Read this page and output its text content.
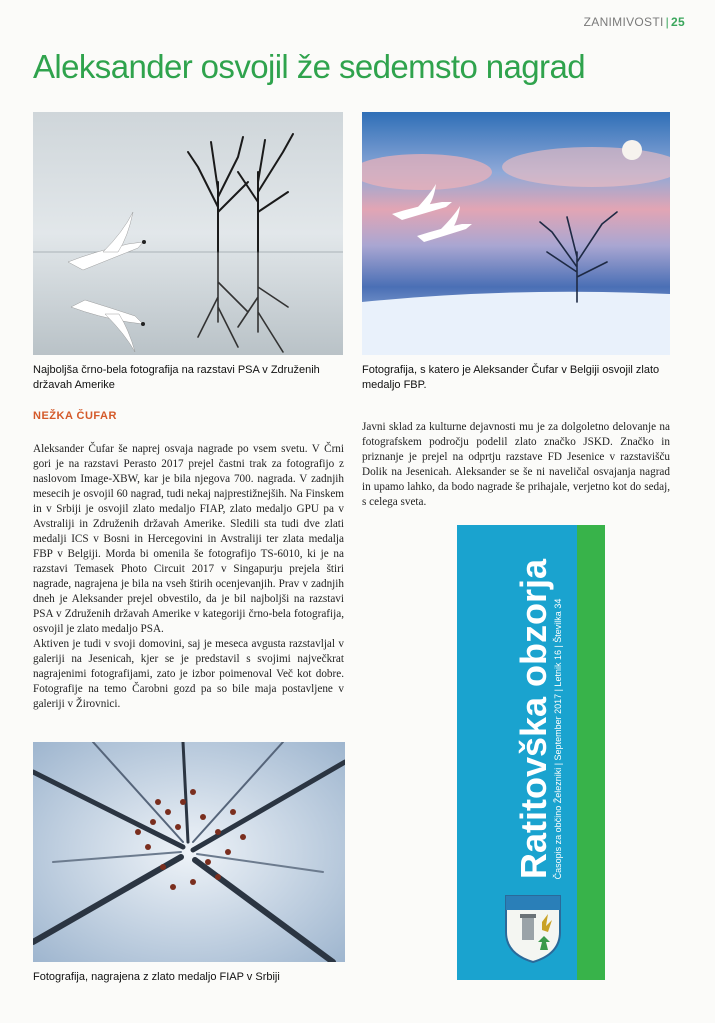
ZANIMIVOSTI | 25
Aleksander osvojil že sedemsto nagrad
Najboljša črno-bela fotografija na razstavi PSA v Združenih državah Amerike
Fotografija, s katero je Aleksander Čufar v Belgiji osvojil zlato medaljo FBP.
NEŽKA ČUFAR

Aleksander Čufar še naprej osvaja nagrade po vsem svetu. V Črni gori je na razstavi Perasto 2017 prejel častni trak za fotografijo z naslovom Image-XBW, kar je bila njegova 700. nagrada. V zadnjih mesecih je osvojil 60 nagrad, tudi nekaj najprestižnejših. Na Finskem in v Srbiji je osvojil zlato medaljo FIAP, zlato medaljo GPU pa v Avstraliji in Združenih državah Amerike. Sledili sta tudi dve zlati medalji ICS v Bosni in Hercegovini in Avstraliji ter zlata medalja FBP v Belgiji. Morda bi omenila še fotografijo TS-6010, ki je na razstavi Temasek Photo Circuit 2017 v Singapurju prejela štiri nagrade, nagrajena je bila na vseh štirih ocenjevanjih. Prav v zadnjih dneh je Aleksander prejel obvestilo, da je bil najboljši na razstavi PSA v Združenih državah Amerike v kategoriji črno-bela fotografija, osvojil je zlato medaljo PSA.

Aktiven je tudi v svoji domovini, saj je meseca avgusta razstavljal v galeriji na Jesenicah, kjer se je predstavil s svojimi največkrat nagrajenimi fotografijami, zato je izbor poimenoval Več kot dobre. Fotografije na temo Čarobni gozd pa so bile maja postavljene v galeriji v Žirovnici.

Javni sklad za kulturne dejavnosti mu je za dolgoletno delovanje na fotografskem področju podelil zlato značko JSKD. Značko in priznanje je prejel na odprtju razstave FD Jesenice v razstavišču Dolik na Jesenicah. Aleksander se še ni naveličal osvajanja nagrad in upamo lahko, da bodo nagrade še prihajale, verjetno kot do sedaj, s celega sveta.

Ratitovška obzorja Časopis za občino Železniki | September 2017 | Letnik 16 | Številka 34
Fotografija, nagrajena z zlato medaljo FIAP v Srbiji
